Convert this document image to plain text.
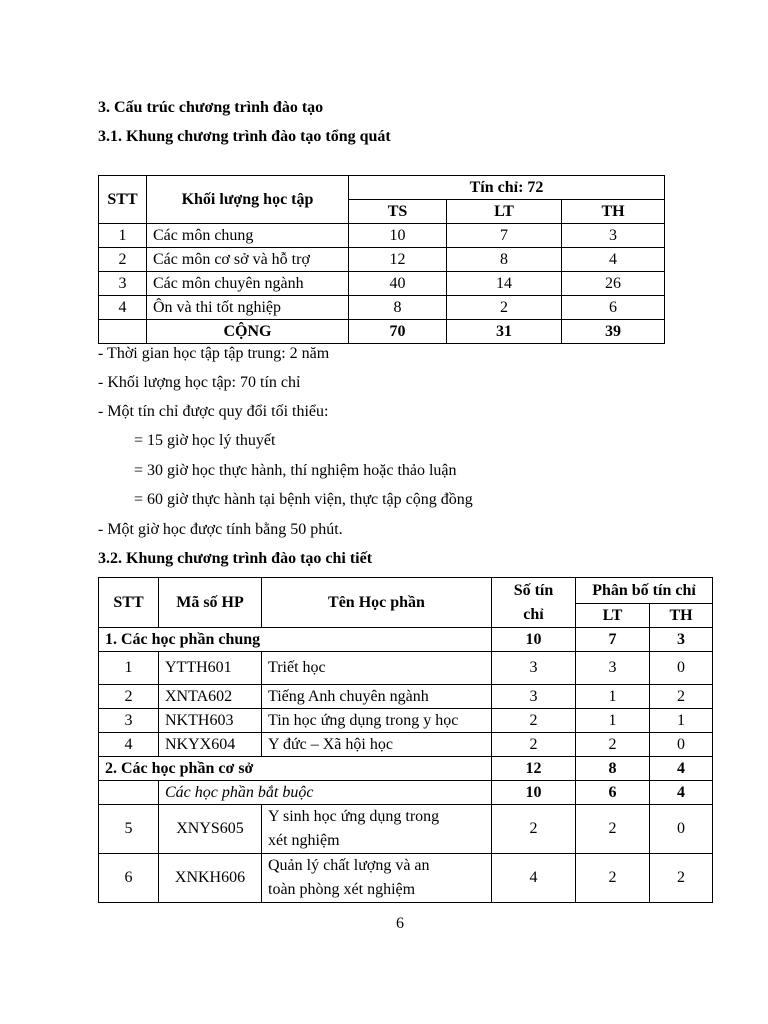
3. Cấu trúc chương trình đào tạo
3.1. Khung chương trình đào tạo tổng quát
STT	Khối lượng học tập	Tín chỉ: 72		
		TS	LT	TH
1	Các môn chung	10	7	3
2	Các môn cơ sở và hỗ trợ	12	8	4
3	Các môn chuyên ngành	40	14	26
4	Ôn và thi tốt nghiệp	8	2	6
	CỘNG	70	31	39
- Thời gian học tập tập trung: 2 năm
- Khối lượng học tập: 70 tín chỉ
- Một tín chỉ được quy đổi tối thiểu:
= 15 giờ học lý thuyết
= 30 giờ học thực hành, thí nghiệm hoặc thảo luận
= 60 giờ thực hành tại bệnh viện, thực tập cộng đồng
- Một giờ học được tính bằng 50 phút.
3.2. Khung chương trình đào tạo chi tiết
STT	Mã số HP	Tên Học phần	Số tín
chỉ	Phân bố tín chỉ	
				LT	TH
1. Các học phần chung			10	7	3
1	YTTH601	Triết học	3	3	0
2	XNTA602	Tiếng Anh chuyên ngành	3	1	2
3	NKTH603	Tin học ứng dụng trong y học	2	1	1
4	NKYX604	Y đức – Xã hội học	2	2	0
2. Các học phần cơ sở			12	8	4
	Các học phần bắt buộc		10	6	4
5	XNYS605	Y sinh học ứng dụng trong
xét nghiệm	2	2	0
6	XNKH606	Quản lý chất lượng và an
toàn phòng xét nghiệm	4	2	2
6
